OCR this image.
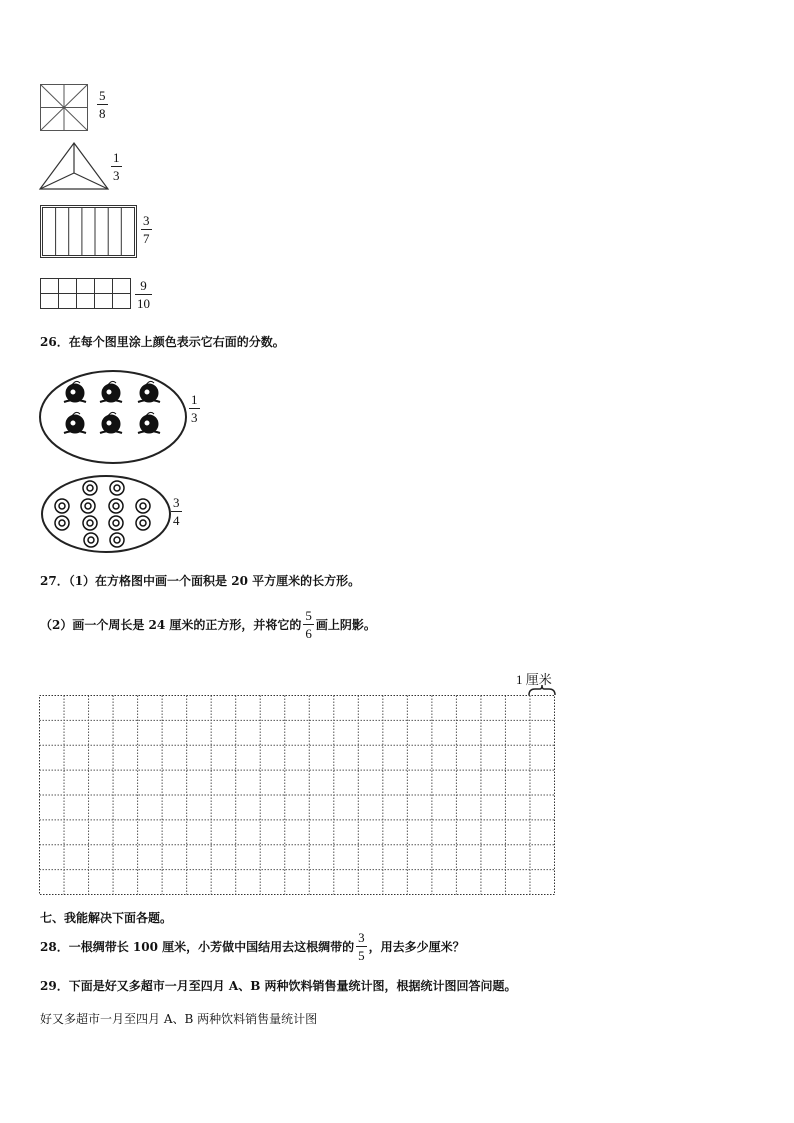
5
8
1
3
3
7
9
10
26．在每个图里涂上颜色表示它右面的分数。
1
3
3
4
27．（1）在方格图中画一个面积是 20 平方厘米的长方形。
（2）画一个周长是 24 厘米的正方形，并将它的 $\frac{5}{6}$ 画上阴影。
1 厘米
七、我能解决下面各题。
28．一根绸带长 100 厘米，小芳做中国结用去这根绸带的 $\frac{3}{5}$ ，用去多少厘米？
29．下面是好又多超市一月至四月 A、B 两种饮料销售量统计图，根据统计图回答问题。
好又多超市一月至四月 A、B 两种饮料销售量统计图
